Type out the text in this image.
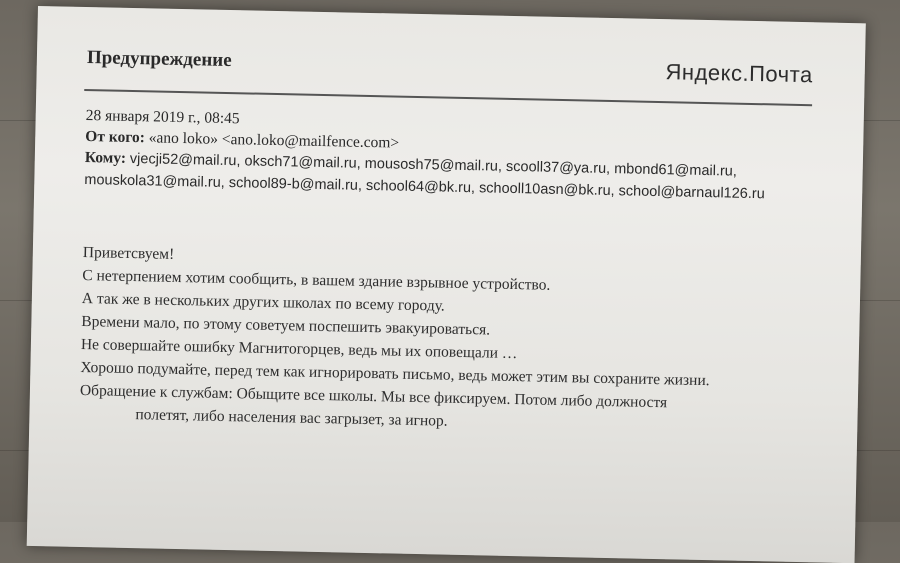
Предупреждение
Яндекс.Почта
28 января 2019 г., 08:45
От кого: «ano loko» <ano.loko@mailfence.com>
Кому: vjecji52@mail.ru, oksch71@mail.ru, mousosh75@mail.ru, scooll37@ya.ru, mbond61@mail.ru,
mouskola31@mail.ru, school89-b@mail.ru, school64@bk.ru, schooll10asn@bk.ru, school@barnaul126.ru
Приветсвуем!
С нетерпением хотим сообщить, в вашем здание взрывное устройство.
А так же в нескольких других школах по всему городу.
Времени мало, по этому советуем поспешить эвакуироваться.
Не совершайте ошибку Магнитогорцев, ведь мы их оповещали …
Хорошо подумайте, перед тем как игнорировать письмо, ведь может этим вы сохраните жизни.
Обращение к службам: Обыщите все школы. Мы все фиксируем. Потом либо должностя
полетят, либо населения вас загрызет, за игнор.
